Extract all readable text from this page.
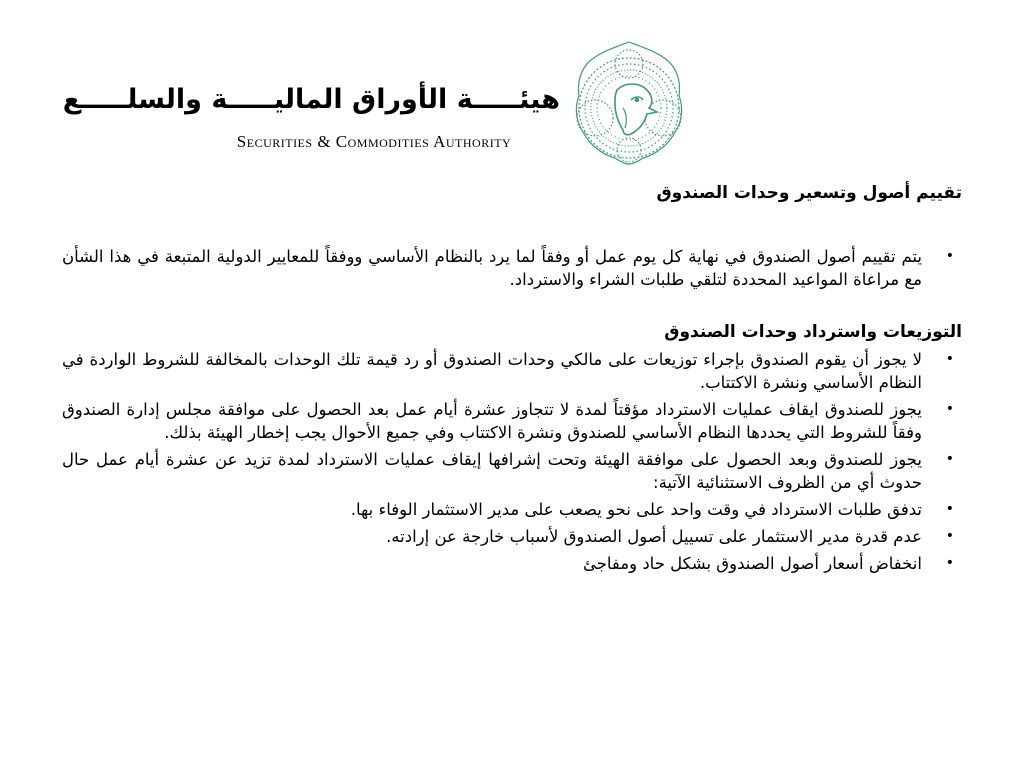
هيئـــــة الأوراق الماليـــــة والسلـــــع
Securities & Commodities Authority
تقييم أصول وتسعير وحدات الصندوق
•
يتم تقييم أصول الصندوق في نهاية كل يوم عمل أو وفقاً لما يرد بالنظام الأساسي ووفقاً للمعايير الدولية المتبعة في هذا الشأن مع مراعاة المواعيد المحددة لتلقي طلبات الشراء والاسترداد.
التوزيعات واسترداد وحدات الصندوق
•
لا يجوز أن يقوم الصندوق بإجراء توزيعات على مالكي وحدات الصندوق أو رد قيمة تلك الوحدات بالمخالفة للشروط الواردة في النظام الأساسي ونشرة الاكتتاب.
•
يجوز للصندوق ايقاف عمليات الاسترداد مؤقتاً لمدة لا تتجاوز عشرة أيام عمل بعد الحصول على موافقة مجلس إدارة الصندوق وفقاً للشروط التي يحددها النظام الأساسي للصندوق ونشرة الاكتتاب وفي جميع الأحوال يجب إخطار الهيئة بذلك.
•
يجوز للصندوق وبعد الحصول على موافقة الهيئة وتحت إشرافها إيقاف عمليات الاسترداد لمدة تزيد عن عشرة أيام عمل حال حدوث أي من الظروف الاستثنائية الآتية:
•
تدفق طلبات الاسترداد في وقت واحد على نحو يصعب على مدير الاستثمار الوفاء بها.
•
عدم قدرة مدير الاستثمار على تسييل أصول الصندوق لأسباب خارجة عن إرادته.
•
انخفاض أسعار أصول الصندوق بشكل حاد ومفاجئ
